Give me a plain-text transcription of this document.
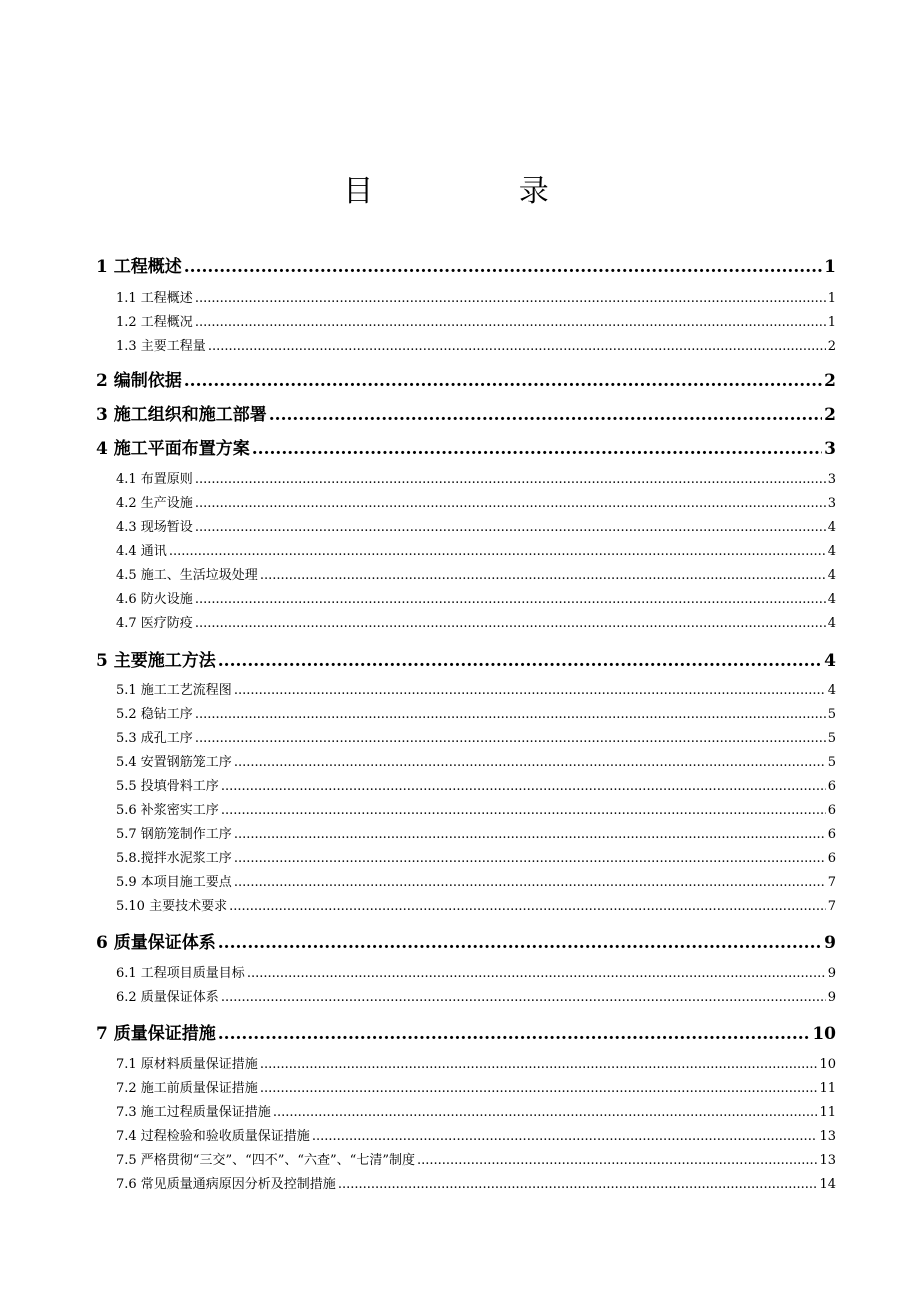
目 录
1 工程概述 .....	1
1.1 工程概述 .....	1
1.2 工程概况 .....	1
1.3 主要工程量 .....	2
2 编制依据 .....	2
3 施工组织和施工部署 .....	2
4 施工平面布置方案 .....	3
4.1 布置原则 .....	3
4.2 生产设施 .....	3
4.3 现场暂设 .....	4
4.4 通讯 .....	4
4.5 施工、生活垃圾处理 .....	4
4.6 防火设施 .....	4
4.7 医疗防疫 .....	4
5 主要施工方法 .....	4
5.1 施工工艺流程图 .....	4
5.2 稳钻工序 .....	5
5.3 成孔工序 .....	5
5.4 安置钢筋笼工序 .....	5
5.5 投填骨料工序 .....	6
5.6 补浆密实工序 .....	6
5.7 钢筋笼制作工序 .....	6
5.8.搅拌水泥浆工序 .....	6
5.9 本项目施工要点 .....	7
5.10 主要技术要求 .....	7
6 质量保证体系 .....	9
6.1 工程项目质量目标 .....	9
6.2 质量保证体系 .....	9
7 质量保证措施 .....	10
7.1 原材料质量保证措施 .....	10
7.2 施工前质量保证措施 .....	11
7.3 施工过程质量保证措施 .....	11
7.4 过程检验和验收质量保证措施 .....	13
7.5 严格贯彻“三交”、“四不”、“六查”、“七清”制度 .....	13
7.6 常见质量通病原因分析及控制措施 .....	14
